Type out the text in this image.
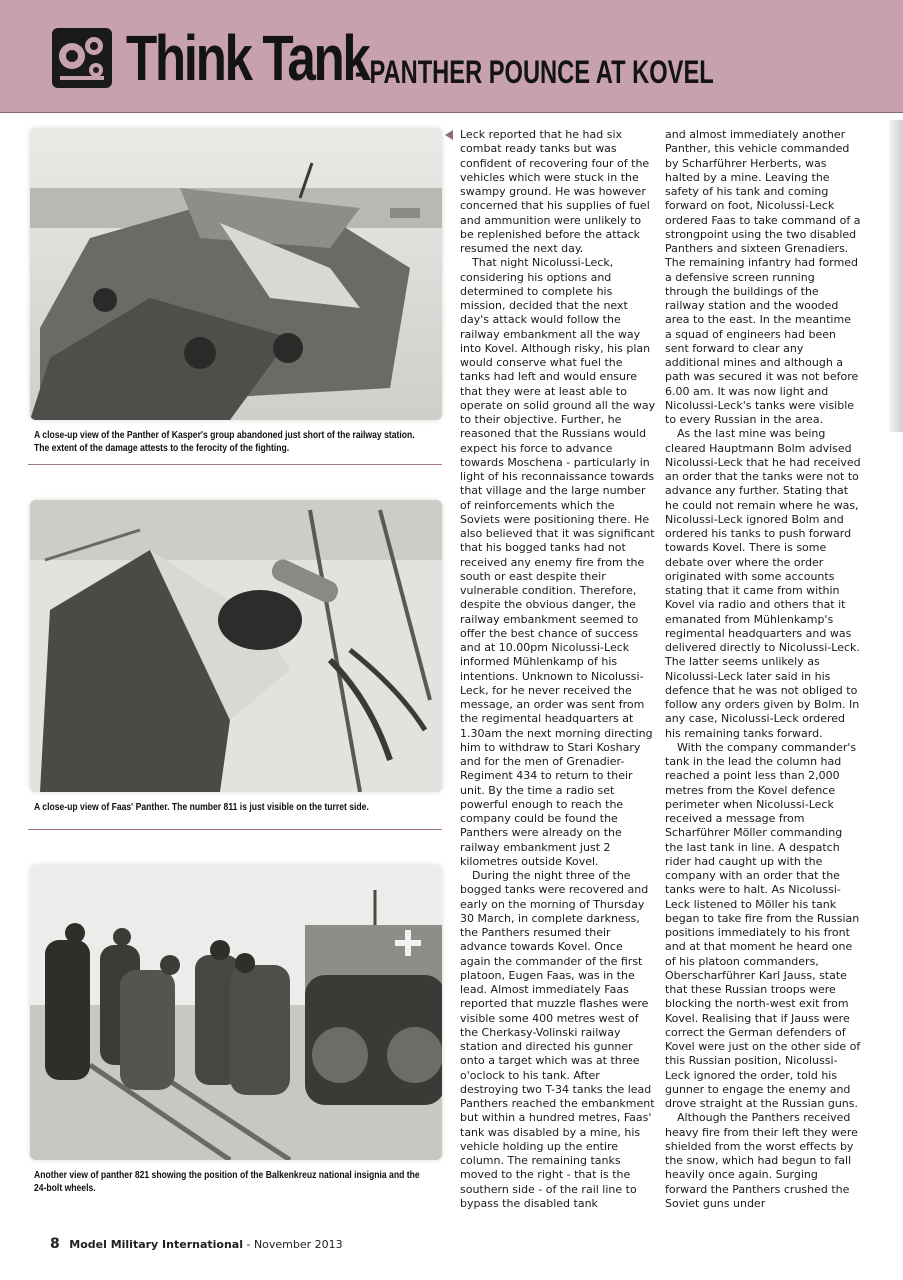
Think Tank
- PANTHER POUNCE AT KOVEL
A close-up view of the Panther of Kasper's group abandoned just short of the railway station. The extent of the damage attests to the ferocity of the fighting.
A close-up view of Faas' Panther. The number 811 is just visible on the turret side.
Another view of panther 821 showing the position of the Balkenkreuz national insignia and the 24-bolt wheels.

Leck reported that he had six combat ready tanks but was confident of recovering four of the vehicles which were stuck in the swampy ground. He was however concerned that his supplies of fuel and ammunition were unlikely to be replenished before the attack resumed the next day.

That night Nicolussi-Leck, considering his options and determined to complete his mission, decided that the next day's attack would follow the railway embankment all the way into Kovel. Although risky, his plan would conserve what fuel the tanks had left and would ensure that they were at least able to operate on solid ground all the way to their objective. Further, he reasoned that the Russians would expect his force to advance towards Moschena - particularly in light of his reconnaissance towards that village and the large number of reinforcements which the Soviets were positioning there. He also believed that it was significant that his bogged tanks had not received any enemy fire from the south or east despite their vulnerable condition. Therefore, despite the obvious danger, the railway embankment seemed to offer the best chance of success and at 10.00pm Nicolussi-Leck informed Mühlenkamp of his intentions. Unknown to Nicolussi-Leck, for he never received the message, an order was sent from the regimental headquarters at 1.30am the next morning directing him to withdraw to Stari Koshary and for the men of Grenadier-Regiment 434 to return to their unit. By the time a radio set powerful enough to reach the company could be found the Panthers were already on the railway embankment just 2 kilometres outside Kovel.

During the night three of the bogged tanks were recovered and early on the morning of Thursday 30 March, in complete darkness, the Panthers resumed their advance towards Kovel. Once again the commander of the first platoon, Eugen Faas, was in the lead. Almost immediately Faas reported that muzzle flashes were visible some 400 metres west of the Cherkasy-Volinski railway station and directed his gunner onto a target which was at three o'oclock to his tank. After destroying two T-34 tanks the lead Panthers reached the embankment but within a hundred metres, Faas' tank was disabled by a mine, his vehicle holding up the entire column. The remaining tanks moved to the right - that is the southern side - of the rail line to bypass the disabled tank

and almost immediately another Panther, this vehicle commanded by Scharführer Herberts, was halted by a mine. Leaving the safety of his tank and coming forward on foot, Nicolussi-Leck ordered Faas to take command of a strongpoint using the two disabled Panthers and sixteen Grenadiers. The remaining infantry had formed a defensive screen running through the buildings of the railway station and the wooded area to the east. In the meantime a squad of engineers had been sent forward to clear any additional mines and although a path was secured it was not before 6.00 am. It was now light and Nicolussi-Leck's tanks were visible to every Russian in the area.

As the last mine was being cleared Hauptmann Bolm advised Nicolussi-Leck that he had received an order that the tanks were not to advance any further. Stating that he could not remain where he was, Nicolussi-Leck ignored Bolm and ordered his tanks to push forward towards Kovel. There is some debate over where the order originated with some accounts stating that it came from within Kovel via radio and others that it emanated from Mühlenkamp's regimental headquarters and was delivered directly to Nicolussi-Leck. The latter seems unlikely as Nicolussi-Leck later said in his defence that he was not obliged to follow any orders given by Bolm. In any case, Nicolussi-Leck ordered his remaining tanks forward.

With the company commander's tank in the lead the column had reached a point less than 2,000 metres from the Kovel defence perimeter when Nicolussi-Leck received a message from Scharführer Möller commanding the last tank in line. A despatch rider had caught up with the company with an order that the tanks were to halt. As Nicolussi-Leck listened to Möller his tank began to take fire from the Russian positions immediately to his front and at that moment he heard one of his platoon commanders, Oberscharführer Karl Jauss, state that these Russian troops were blocking the north-west exit from Kovel. Realising that if Jauss were correct the German defenders of Kovel were just on the other side of this Russian position, Nicolussi-Leck ignored the order, told his gunner to engage the enemy and drove straight at the Russian guns.

Although the Panthers received heavy fire from their left they were shielded from the worst effects by the snow, which had begun to fall heavily once again. Surging forward the Panthers crushed the Soviet guns under

8 Model Military International - November 2013
